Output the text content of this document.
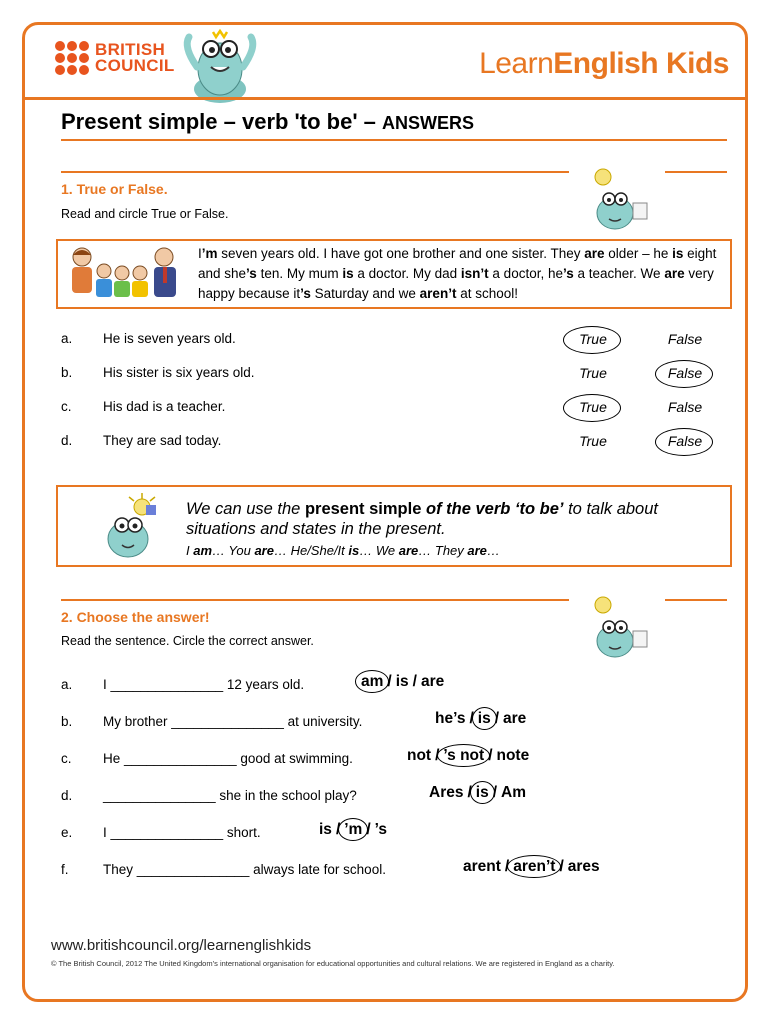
BRITISH
COUNCIL	LearnEnglish Kids
Present simple – verb 'to be' – ANSWERS
1. True or False.
Read and circle True or False.
I’m seven years old. I have got one brother and one sister. They are older – he is eight and she’s ten. My mum is a doctor. My dad isn’t a doctor, he’s a teacher. We are very happy because it’s Saturday and we aren’t at school!
a. He is seven years old.	True	False
b. His sister is six years old.	True	False
c. His dad is a teacher.	True	False
d. They are sad today.	True	False
We can use the present simple of the verb ‘to be’ to talk about situations and states in the present.
I am… You are… He/She/It is… We are… They are…
2. Choose the answer!
Read the sentence. Circle the correct answer.
a. I _______________ 12 years old.	am / is / are
b. My brother _______________ at university.	he’s / is / are
c. He _______________ good at swimming.	not / ’s not / note
d. _______________ she in the school play?	Ares / is / Am
e. I _______________ short.	is / ’m / ’s
f.	They _______________ always late for school.	arent / aren’t / ares
www.britishcouncil.org/learnenglishkids
© The British Council, 2012 The United Kingdom’s international organisation for educational opportunities and cultural relations. We are registered in England as a charity.
